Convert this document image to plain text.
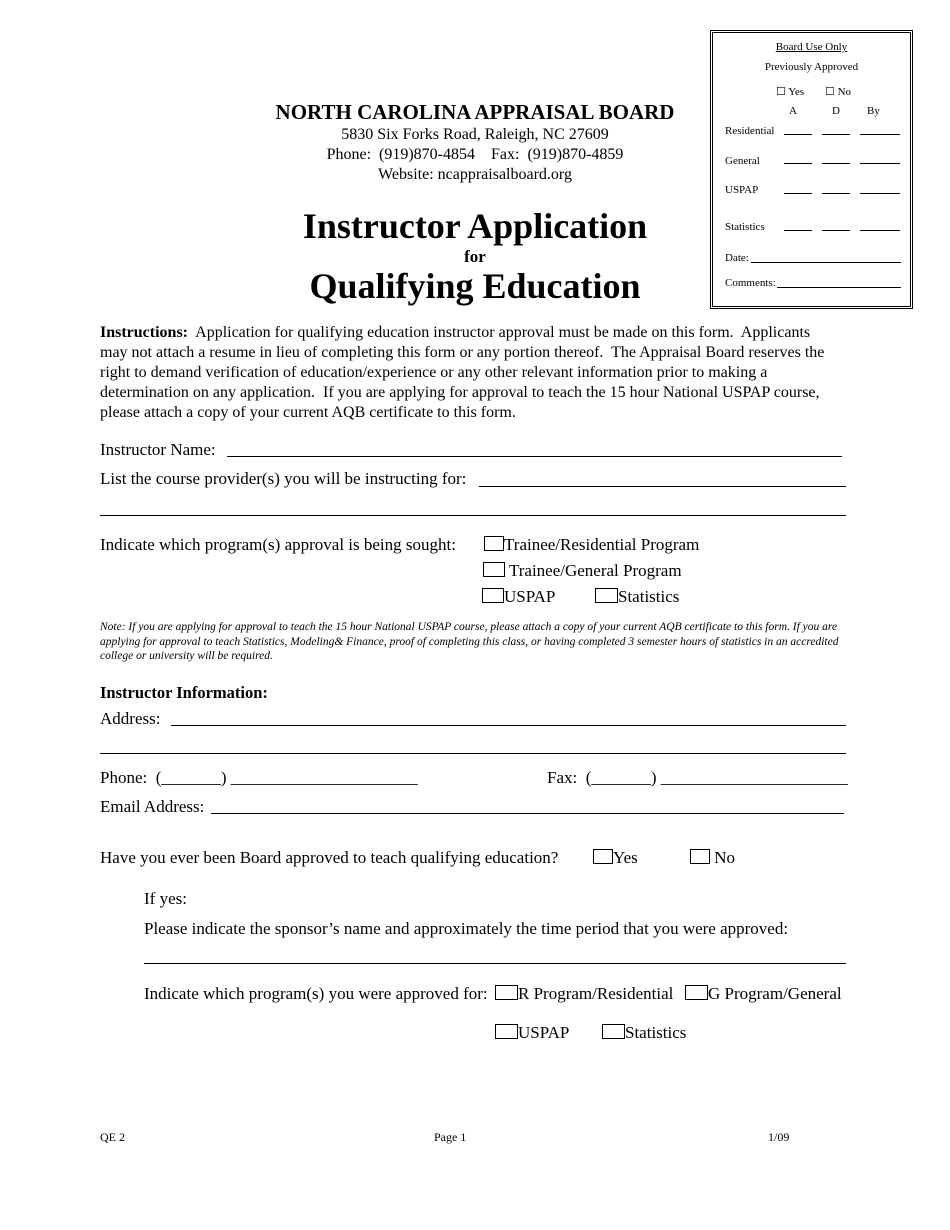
Board Use Only
Previously Approved
☐ Yes ☐ No
A	D By
Residential
General
USPAP
Statistics
Date:
Comments:
NORTH CAROLINA APPRAISAL BOARD
5830 Six Forks Road, Raleigh, NC 27609
Phone:  (919)870-4854    Fax:  (919)870-4859
Website: ncappraisalboard.org
Instructor Application
for
Qualifying Education
Instructions:  Application for qualifying education instructor approval must be made on this form.  Applicants may not attach a resume in lieu of completing this form or any portion thereof.  The Appraisal Board reserves the right to demand verification of education/experience or any other relevant information prior to making a determination on any application.  If you are applying for approval to teach the 15 hour National USPAP course, please attach a copy of your current AQB certificate to this form.
Instructor Name:
List the course provider(s) you will be instructing for:
Indicate which program(s) approval is being sought:	Trainee/Residential Program
Trainee/General Program
USPAP	Statistics
Note: If you are applying for approval to teach the 15 hour National USPAP course, please attach a copy of your current AQB certificate to this form. If you are applying for approval to teach Statistics, Modeling& Finance, proof of completing this class, or having completed 3 semester hours of statistics in an accredited college or university will be required.
Instructor Information:
Address:
Phone:  (_______) ______________________	Fax:  (_______) ______________________
Email Address:
Have you ever been Board approved to teach qualifying education?	Yes	No
If yes:
Please indicate the sponsor’s name and approximately the time period that you were approved:
Indicate which program(s) you were approved for:	R Program/Residential	G Program/General
USPAP	Statistics
QE 2	Page 1	1/09
